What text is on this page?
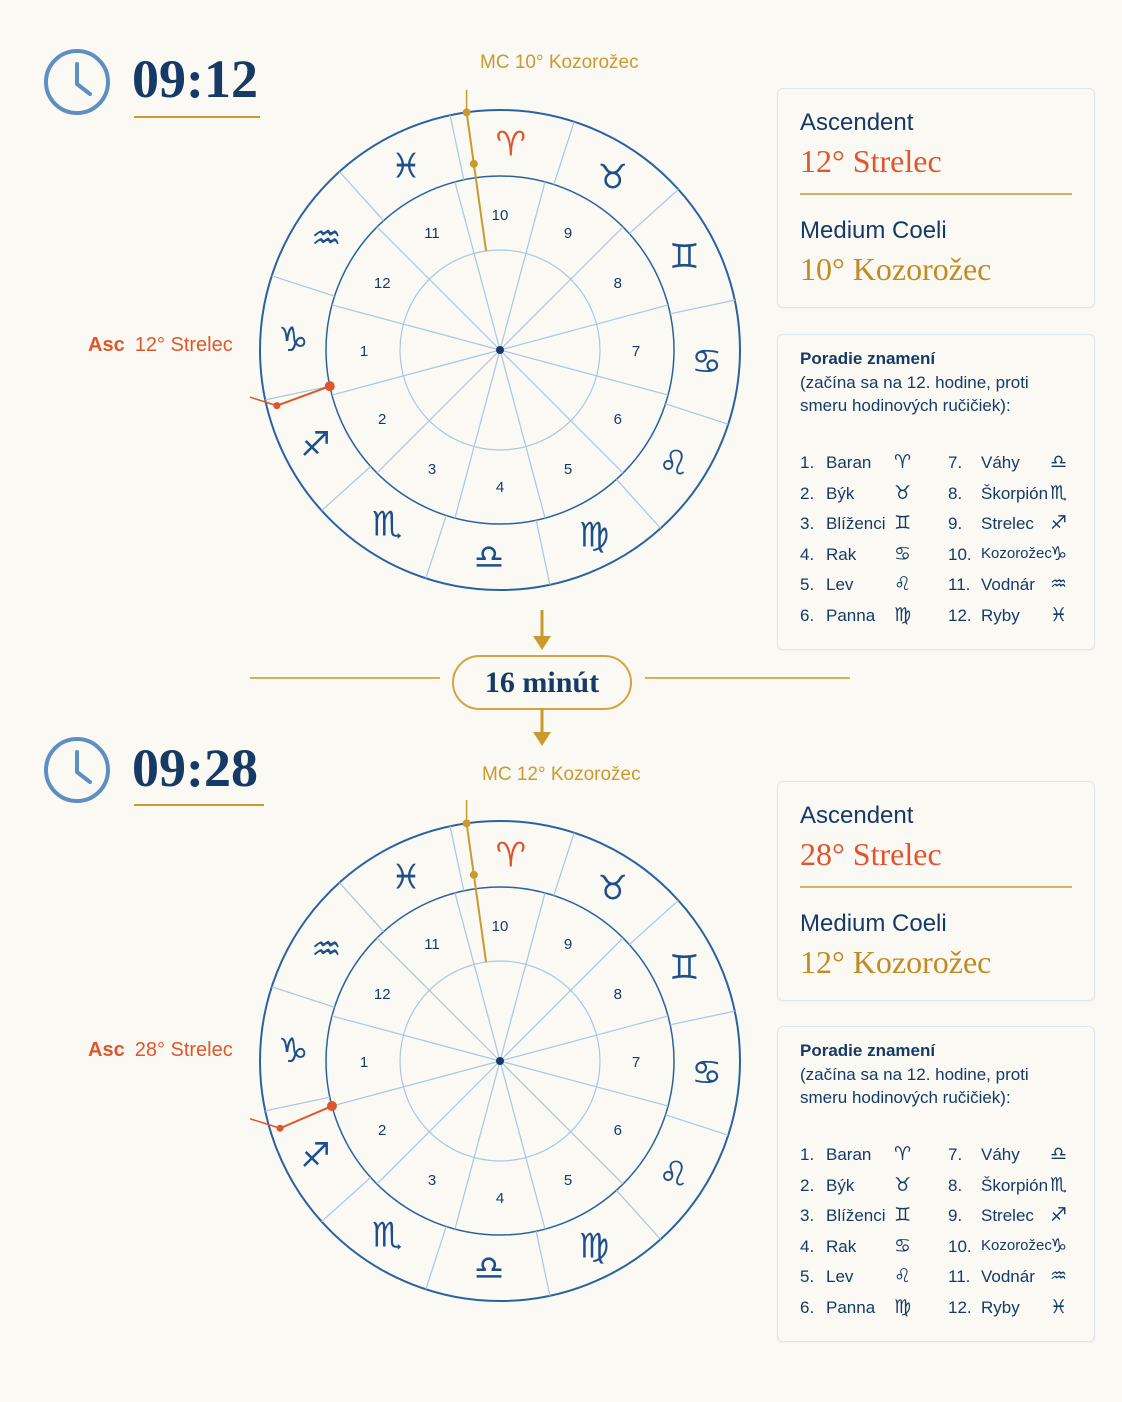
09:12
♈
♉
♊
♋
♌
♍
♎
♏
♐
♑
♒
♓
1
2
3
4
5
6
7
8
9
10
11
12
MC 10° Kozorožec
Asc 12° Strelec
Ascendent
12° Strelec
Medium Coeli
10° Kozorožec
Poradie znamení
(začína sa na 12. hodine, proti smeru hodinových ručičiek):
1. Baran ♈
2. Býk ♉
3. Blíženci ♊
4. Rak ♋
5. Lev ♌
6. Panna ♍
7. Váhy ♎
8. Škorpión ♏
9. Strelec ♐
10. Kozorožec
♑
11. Vodnár ♒
12. Ryby ♓
16 minút
09:28
♈
♉
♊
♋
♌
♍
♎
♏
♐
♑
♒
♓
1
2
3
4
5
6
7
8
9
10
11
12
MC 12° Kozorožec
Asc 28° Strelec
Ascendent
28° Strelec
Medium Coeli
12° Kozorožec
Poradie znamení
(začína sa na 12. hodine, proti smeru hodinových ručičiek):
1. Baran ♈
2. Býk ♉
3. Blíženci ♊
4. Rak ♋
5. Lev ♌
6. Panna ♍
7. Váhy ♎
8. Škorpión ♏
9. Strelec ♐
10. Kozorožec
♑
11. Vodnár ♒
12. Ryby ♓
